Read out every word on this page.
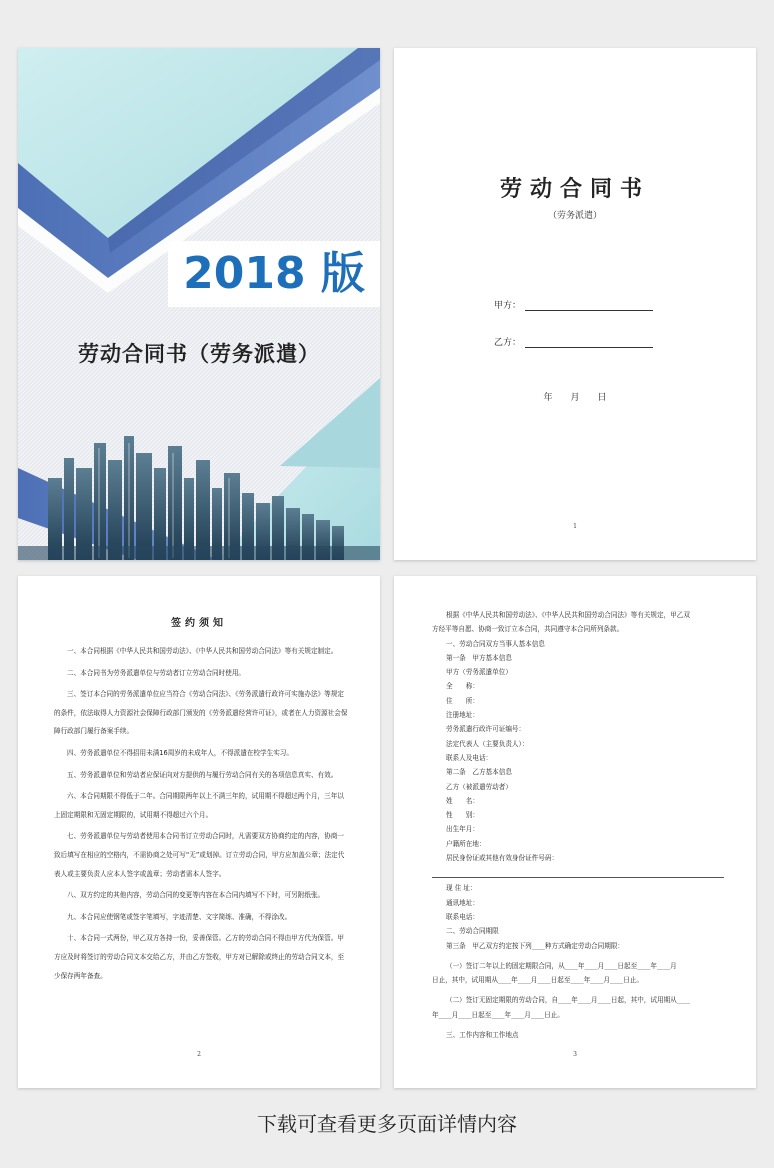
2018 版
劳动合同书（劳务派遣）
劳动合同书
（劳务派遣）
甲方：
乙方：
年　　月　　日
1
签约须知

一、本合同根据《中华人民共和国劳动法》、《中华人民共和国劳动合同法》等有关规定制定。

二、本合同书为劳务派遣单位与劳动者订立劳动合同时使用。

三、签订本合同的劳务派遣单位应当符合《劳动合同法》、《劳务派遣行政许可实施办法》等规定的条件，依法取得人力资源社会保障行政部门颁发的《劳务派遣经营许可证》，或者在人力资源社会保障行政部门履行备案手续。

四、劳务派遣单位不得招用未满16周岁的未成年人，不得派遣在校学生实习。

五、劳务派遣单位和劳动者应保证向对方提供的与履行劳动合同有关的各项信息真实、有效。

六、本合同期限不得低于二年。合同期限两年以上不满三年的，试用期不得超过两个月，三年以上固定期限和无固定期限的，试用期不得超过六个月。

七、劳务派遣单位与劳动者使用本合同书订立劳动合同时，凡需要双方协商约定的内容，协商一致后填写在相应的空格内，不需协商之处可写“无”或划掉。订立劳动合同，甲方应加盖公章；法定代表人或主要负责人应本人签字或盖章；劳动者需本人签字。

八、双方约定的其他内容，劳动合同的变更等内容在本合同内填写不下时，可另附纸张。

九、本合同应使钢笔或签字笔填写，字迹清楚、文字简练、准确，不得涂改。

十、本合同一式两份，甲乙双方各持一份，妥善保管。乙方的劳动合同不得由甲方代为保管。甲方应及时将签订的劳动合同文本交给乙方，并由乙方签收，甲方对已解除或终止的劳动合同文本，至少保存两年备查。

2
根据《中华人民共和国劳动法》、《中华人民共和国劳动合同法》等有关规定，甲乙双
方经平等自愿、协商一致订立本合同，共同遵守本合同所列条款。
一、劳动合同双方当事人基本信息
第一条　甲方基本信息
甲方（劳务派遣单位）
全　　称：
住　　所：
注册地址：
劳务派遣行政许可证编号：
法定代表人（主要负责人）：
联系人及电话：
第二条　乙方基本信息
乙方（被派遣劳动者）
姓　　名：
性　　别：
出生年月：
户籍所在地：
居民身份证或其他有效身份证件号码：
现 住 址：
通讯地址：
联系电话：
二、劳动合同期限
第三条　甲乙双方约定按下列____种方式确定劳动合同期限：
（一）签订二年以上的固定期限合同，从____年____月____日起至____年____月
日止，其中，试用期从____年____月____日起至____年____月____日止。
（二）签订无固定期限的劳动合同，自____年____月____日起，其中，试用期从____
年____月____日起至____年____月____日止。
三、工作内容和工作地点
3
下载可查看更多页面详情内容
